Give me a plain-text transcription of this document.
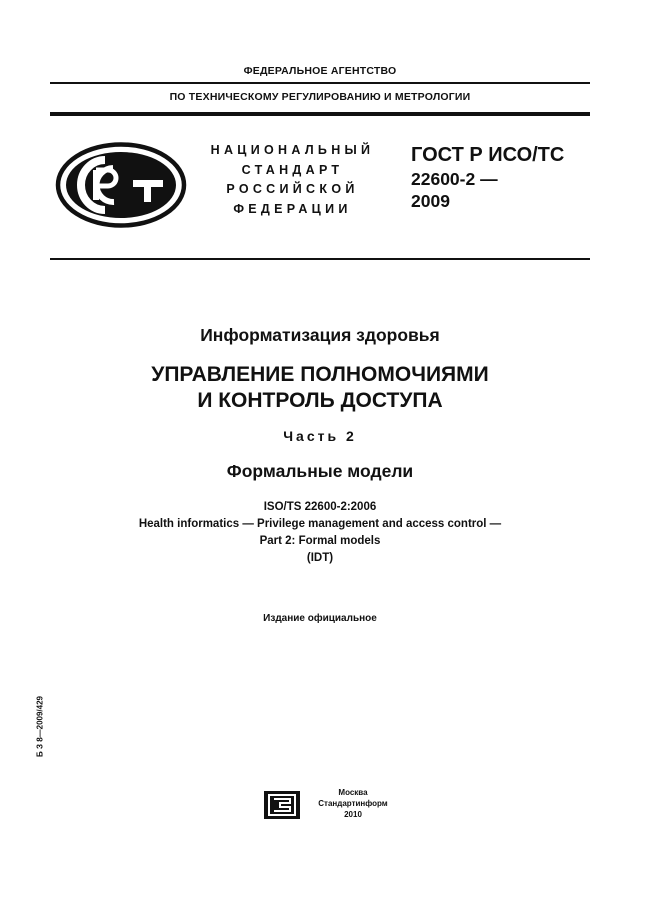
ФЕДЕРАЛЬНОЕ АГЕНТСТВО
ПО ТЕХНИЧЕСКОМУ РЕГУЛИРОВАНИЮ И МЕТРОЛОГИИ
НАЦИОНАЛЬНЫЙ
СТАНДАРТ
РОССИЙСКОЙ
ФЕДЕРАЦИИ
ГОСТ Р ИСО/ТС
22600-2 —
2009
Информатизация здоровья
УПРАВЛЕНИЕ ПОЛНОМОЧИЯМИ
И КОНТРОЛЬ ДОСТУПА
Часть 2
Формальные модели
ISO/TS 22600-2:2006
Health informatics — Privilege management and access control —
Part 2: Formal models
(IDT)
Издание официальное
Б З 8—2009/429
Москва
Стандартинформ
2010
